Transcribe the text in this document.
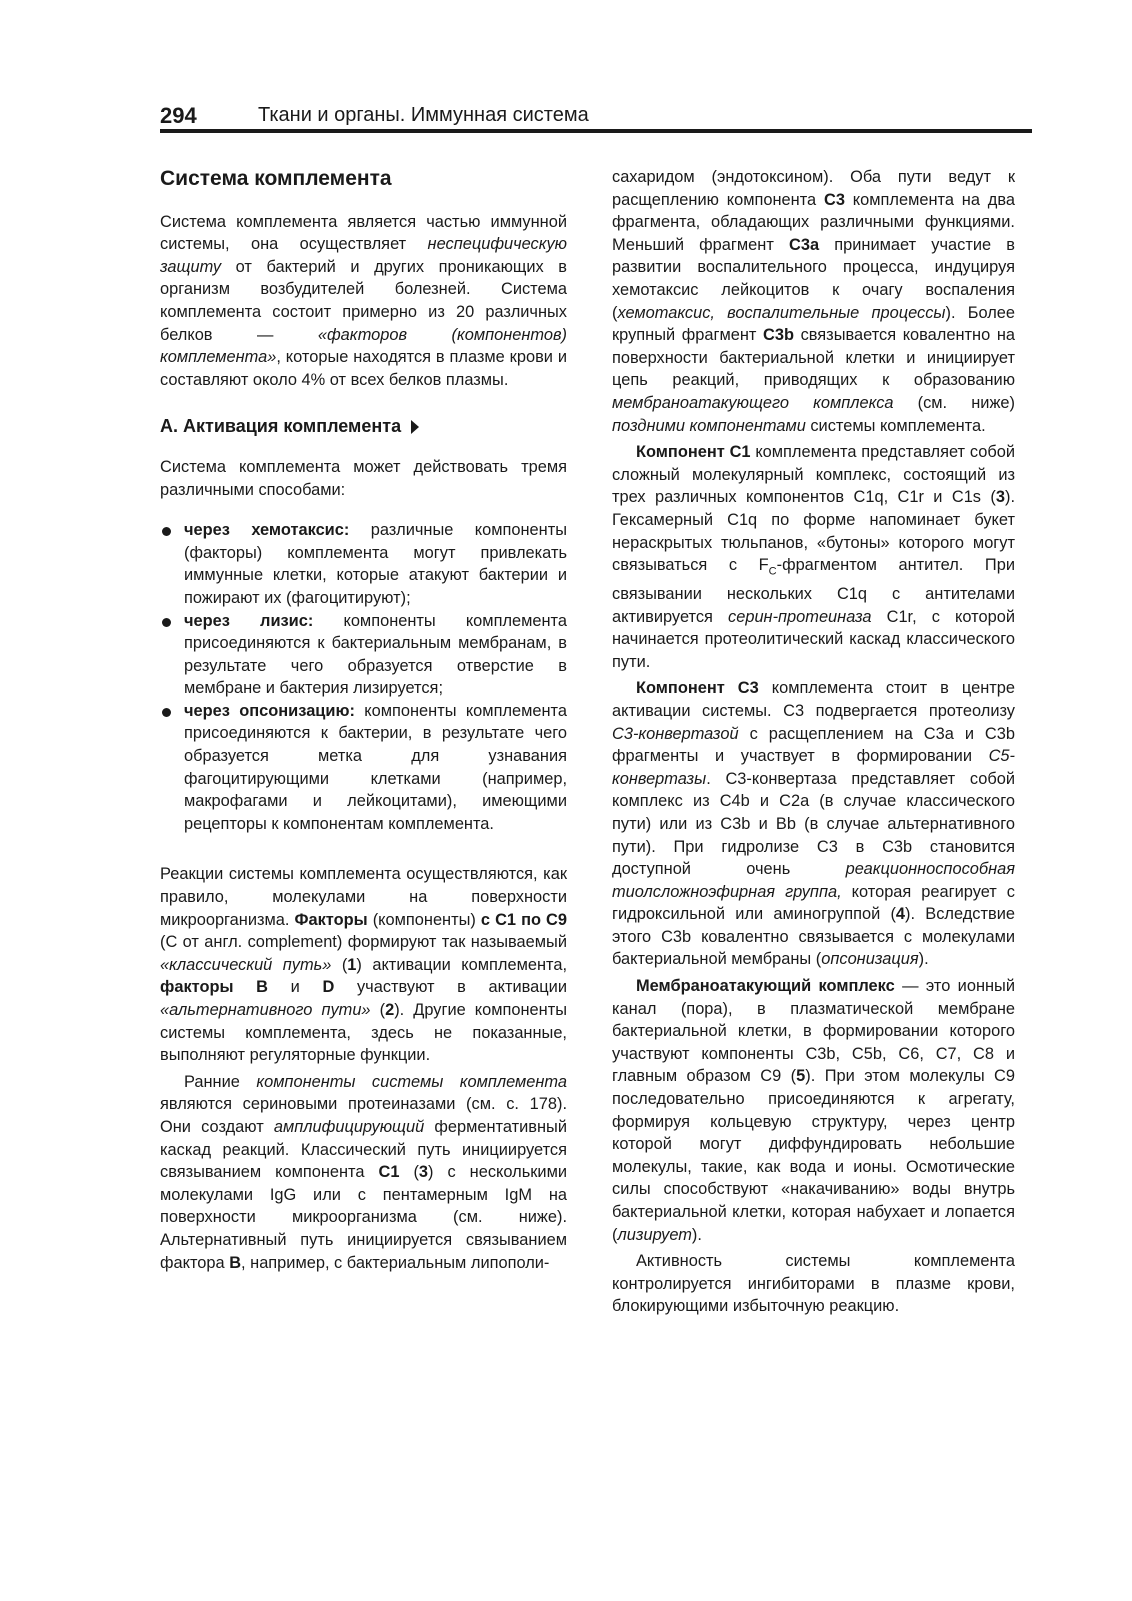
294	Ткани и органы. Иммунная система
Система комплемента

Система комплемента является частью иммунной системы, она осуществляет неспецифическую защиту от бактерий и других проникающих в организм возбудителей болезней. Система комплемента состоит примерно из 20 различных белков — «факторов (компонентов) комплемента», которые находятся в плазме крови и составляют около 4% от всех белков плазмы.

А. Активация комплемента

Система комплемента может действовать тремя различными способами:

через хемотаксис: различные компоненты (факторы) комплемента могут привлекать иммунные клетки, которые атакуют бактерии и пожирают их (фагоцитируют);
через лизис: компоненты комплемента присоединяются к бактериальным мембранам, в результате чего образуется отверстие в мембране и бактерия лизируется;
через опсонизацию: компоненты комплемента присоединяются к бактерии, в результате чего образуется метка для узнавания фагоцитирующими клетками (например, макрофагами и лейкоцитами), имеющими рецепторы к компонентам комплемента.

Реакции системы комплемента осуществляются, как правило, молекулами на поверхности микроорганизма. Факторы (компоненты) с С1 по С9 (С от англ. complement) формируют так называемый «классический путь» (1) активации комплемента, факторы В и D участвуют в активации «альтернативного пути» (2). Другие компоненты системы комплемента, здесь не показанные, выполняют регуляторные функции.

Ранние компоненты системы комплемента являются сериновыми протеиназами (см. с. 178). Они создают амплифицирующий ферментативный каскад реакций. Классический путь инициируется связыванием компонента С1 (3) с несколькими молекулами IgG или с пентамерным IgM на поверхности микроорганизма (см. ниже). Альтернативный путь инициируется связыванием фактора В, например, с бактериальным липополи-

сахаридом (эндотоксином). Оба пути ведут к расщеплению компонента С3 комплемента на два фрагмента, обладающих различными функциями. Меньший фрагмент С3а принимает участие в развитии воспалительного процесса, индуцируя хемотаксис лейкоцитов к очагу воспаления (хемотаксис, воспалительные процессы). Более крупный фрагмент С3b связывается ковалентно на поверхности бактериальной клетки и инициирует цепь реакций, приводящих к образованию мембраноатакующего комплекса (см. ниже) поздними компонентами системы комплемента.

Компонент С1 комплемента представляет собой сложный молекулярный комплекс, состоящий из трех различных компонентов С1q, С1r и С1s (3). Гексамерный С1q по форме напоминает букет нераскрытых тюльпанов, «бутоны» которого могут связываться с $F_C$-фрагментом антител. При связывании нескольких С1q с антителами активируется серин-протеиназа С1r, с которой начинается протеолитический каскад классического пути.

Компонент С3 комплемента стоит в центре активации системы. С3 подвергается протеолизу С3-конвертазой с расщеплением на С3а и С3b фрагменты и участвует в формировании С5-конвертазы. С3-конвертаза представляет собой комплекс из С4b и С2а (в случае классического пути) или из С3b и Вb (в случае альтернативного пути). При гидролизе С3 в С3b становится доступной очень реакционноспособная тиолсложноэфирная группа, которая реагирует с гидроксильной или аминогруппой (4). Вследствие этого С3b ковалентно связывается с молекулами бактериальной мембраны (опсонизация).

Мембраноатакующий комплекс — это ионный канал (пора), в плазматической мембране бактериальной клетки, в формировании которого участвуют компоненты С3b, С5b, С6, С7, С8 и главным образом С9 (5). При этом молекулы С9 последовательно присоединяются к агрегату, формируя кольцевую структуру, через центр которой могут диффундировать небольшие молекулы, такие, как вода и ионы. Осмотические силы способствуют «накачиванию» воды внутрь бактериальной клетки, которая набухает и лопается (лизирует).

Активность системы комплемента контролируется ингибиторами в плазме крови, блокирующими избыточную реакцию.
